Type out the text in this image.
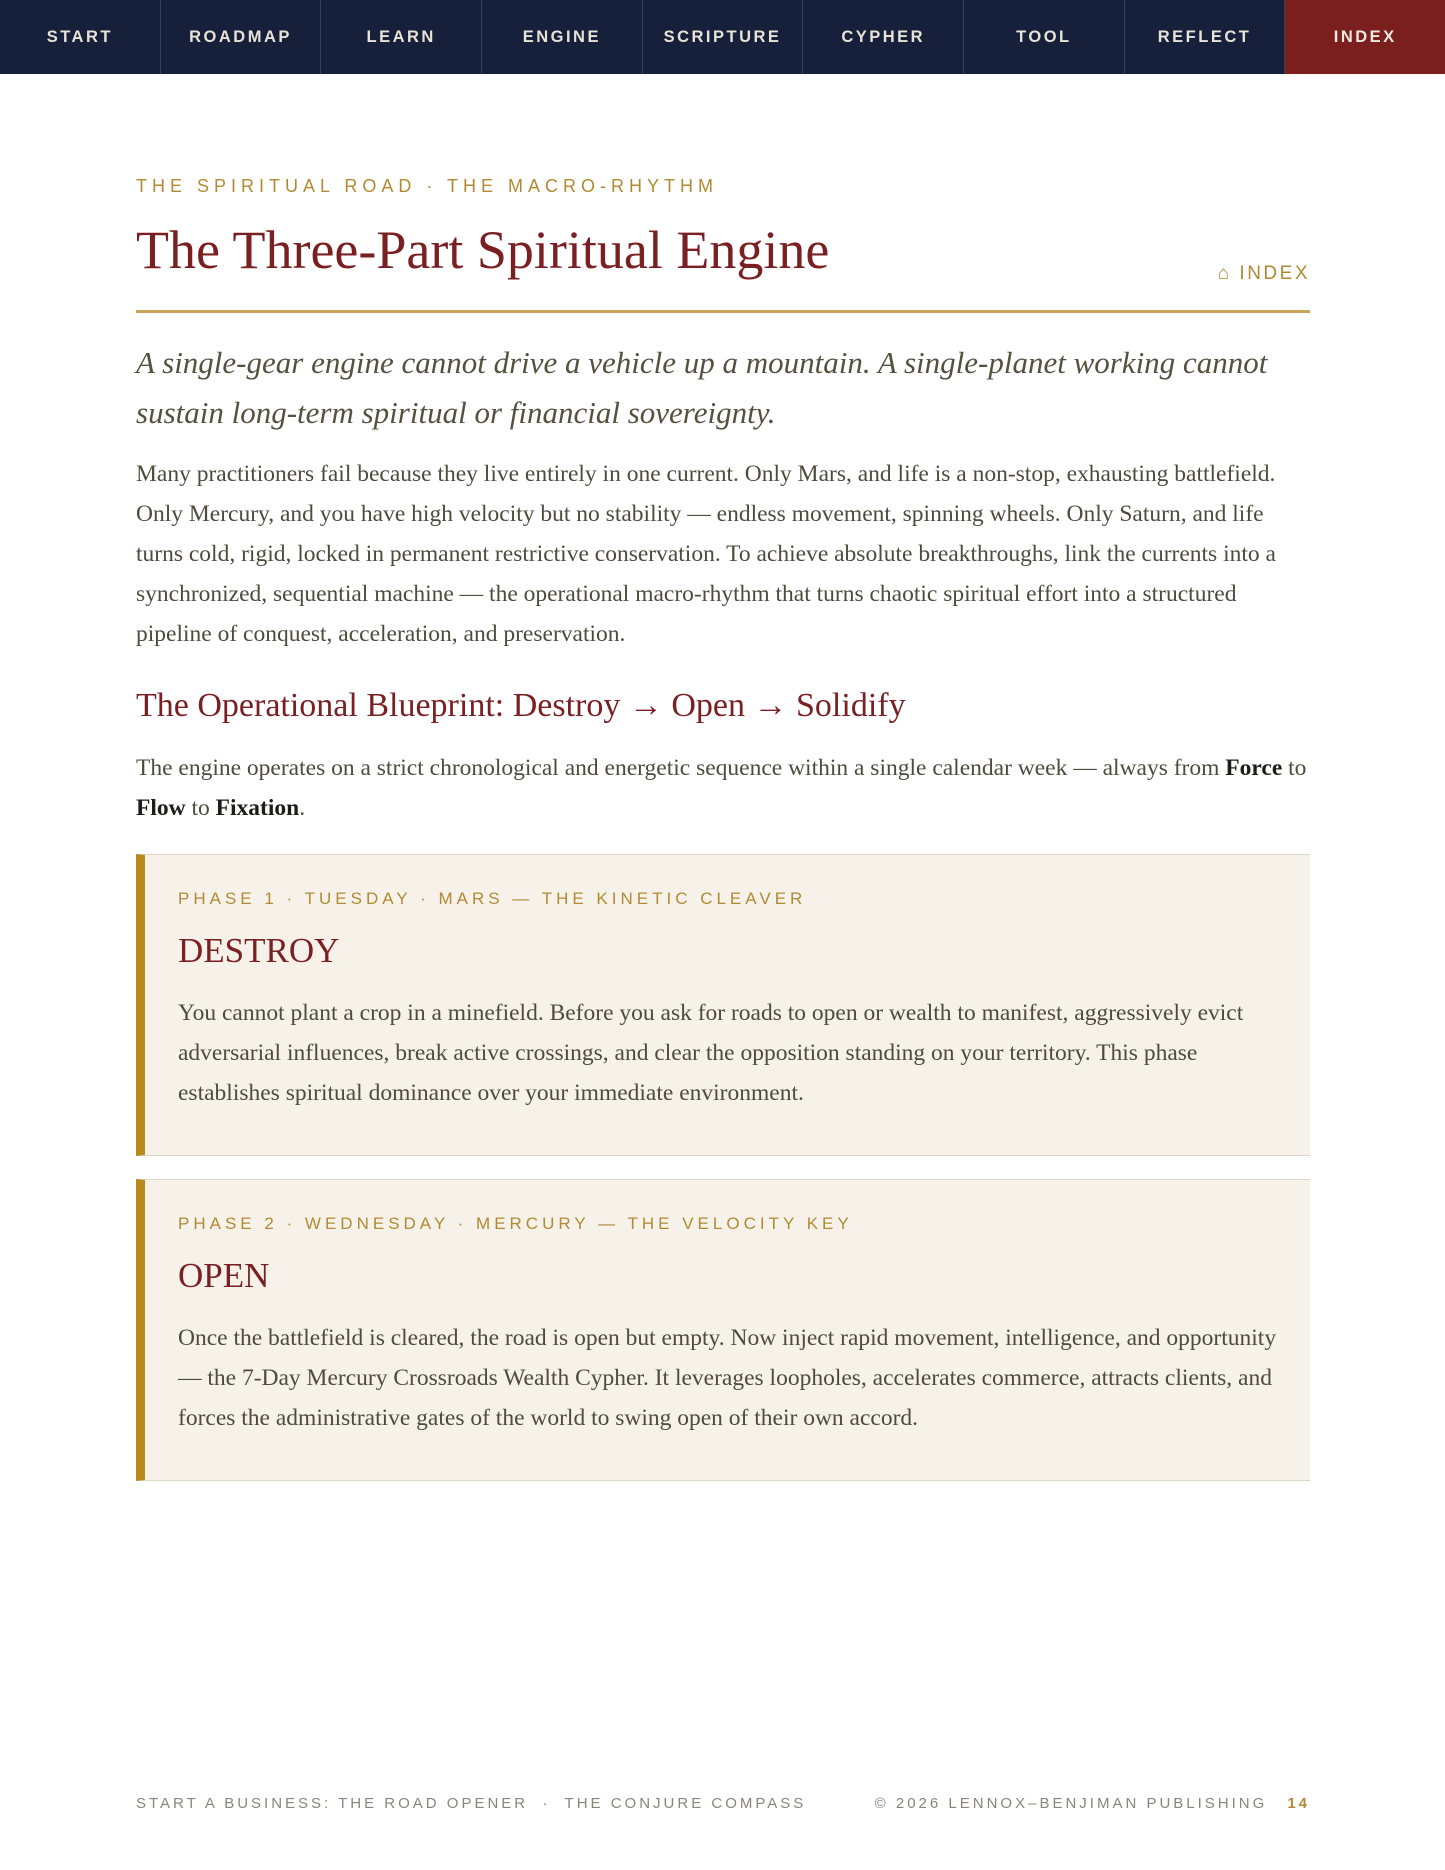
START	ROADMAP	LEARN	ENGINE	SCRIPTURE	CYPHER	TOOL	REFLECT	INDEX
THE SPIRITUAL ROAD · THE MACRO-RHYTHM
The Three-Part Spiritual Engine	⌂ INDEX

A single-gear engine cannot drive a vehicle up a mountain. A single-planet working cannot sustain long-term spiritual or financial sovereignty.

Many practitioners fail because they live entirely in one current. Only Mars, and life is a non-stop, exhausting battlefield. Only Mercury, and you have high velocity but no stability — endless movement, spinning wheels. Only Saturn, and life turns cold, rigid, locked in permanent restrictive conservation. To achieve absolute breakthroughs, link the currents into a synchronized, sequential machine — the operational macro-rhythm that turns chaotic spiritual effort into a structured pipeline of conquest, acceleration, and preservation.

The Operational Blueprint: Destroy → Open → Solidify

The engine operates on a strict chronological and energetic sequence within a single calendar week — always from Force to Flow to Fixation.

PHASE 1 · TUESDAY · MARS — THE KINETIC CLEAVER
DESTROY

You cannot plant a crop in a minefield. Before you ask for roads to open or wealth to manifest, aggressively evict adversarial influences, break active crossings, and clear the opposition standing on your territory. This phase establishes spiritual dominance over your immediate environment.

PHASE 2 · WEDNESDAY · MERCURY — THE VELOCITY KEY
OPEN

Once the battlefield is cleared, the road is open but empty. Now inject rapid movement, intelligence, and opportunity — the 7-Day Mercury Crossroads Wealth Cypher. It leverages loopholes, accelerates commerce, attracts clients, and forces the administrative gates of the world to swing open of their own accord.

START A BUSINESS: THE ROAD OPENER  ·  THE CONJURE COMPASS	© 2026 LENNOX–BENJIMAN PUBLISHING 14
